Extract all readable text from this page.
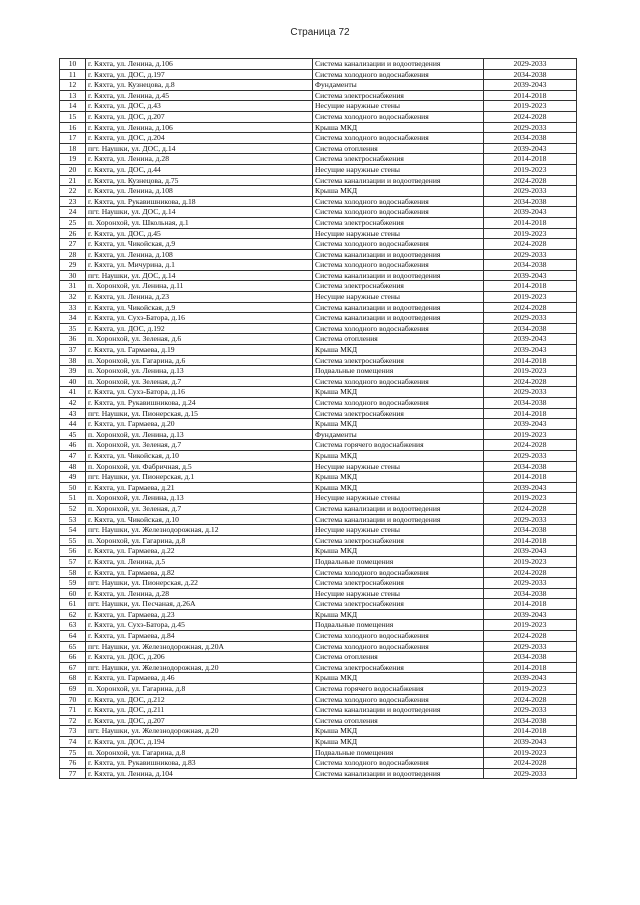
Страница 72
10	г. Кяхта, ул. Ленина, д.106	Система канализации и водоотведения	2029-2033
11	г. Кяхта, ул. ДОС, д.197	Система холодного водоснабжения	2034-2038
12	г. Кяхта, ул. Кузнецова, д.8	Фундаменты	2039-2043
13	г. Кяхта, ул. Ленина, д.45	Система электроснабжения	2014-2018
14	г. Кяхта, ул. ДОС, д.43	Несущие наружные стены	2019-2023
15	г. Кяхта, ул. ДОС, д.207	Система холодного водоснабжения	2024-2028
16	г. Кяхта, ул. Ленина, д.106	Крыша МКД	2029-2033
17	г. Кяхта, ул. ДОС, д.204	Система холодного водоснабжения	2034-2038
18	пгт. Наушки, ул. ДОС, д.14	Система отопления	2039-2043
19	г. Кяхта, ул. Ленина, д.28	Система электроснабжения	2014-2018
20	г. Кяхта, ул. ДОС, д.44	Несущие наружные стены	2019-2023
21	г. Кяхта, ул. Кузнецова, д.75	Система канализации и водоотведения	2024-2028
22	г. Кяхта, ул. Ленина, д.108	Крыша МКД	2029-2033
23	г. Кяхта, ул. Рукавишникова, д.18	Система холодного водоснабжения	2034-2038
24	пгт. Наушки, ул. ДОС, д.14	Система холодного водоснабжения	2039-2043
25	п. Хоронхой, ул. Школьная, д.1	Система электроснабжения	2014-2018
26	г. Кяхта, ул. ДОС, д.45	Несущие наружные стены	2019-2023
27	г. Кяхта, ул. Чикойская, д.9	Система холодного водоснабжения	2024-2028
28	г. Кяхта, ул. Ленина, д.108	Система канализации и водоотведения	2029-2033
29	г. Кяхта, ул. Мичурина, д.1	Система холодного водоснабжения	2034-2038
30	пгт. Наушки, ул. ДОС, д.14	Система канализации и водоотведения	2039-2043
31	п. Хоронхой, ул. Ленина, д.11	Система электроснабжения	2014-2018
32	г. Кяхта, ул. Ленина, д.23	Несущие наружные стены	2019-2023
33	г. Кяхта, ул. Чикойская, д.9	Система канализации и водоотведения	2024-2028
34	г. Кяхта, ул. Сухэ-Батора, д.16	Система канализации и водоотведения	2029-2033
35	г. Кяхта, ул. ДОС, д.192	Система холодного водоснабжения	2034-2038
36	п. Хоронхой, ул. Зеленая, д.6	Система отопления	2039-2043
37	г. Кяхта, ул. Гармаева, д.19	Крыша МКД	2039-2043
38	п. Хоронхой, ул. Гагарина, д.6	Система электроснабжения	2014-2018
39	п. Хоронхой, ул. Ленина, д.13	Подвальные помещения	2019-2023
40	п. Хоронхой, ул. Зеленая, д.7	Система холодного водоснабжения	2024-2028
41	г. Кяхта, ул. Сухэ-Батора, д.16	Крыша МКД	2029-2033
42	г. Кяхта, ул. Рукавишникова, д.24	Система холодного водоснабжения	2034-2038
43	пгт. Наушки, ул. Пионерская, д.15	Система электроснабжения	2014-2018
44	г. Кяхта, ул. Гармаева, д.20	Крыша МКД	2039-2043
45	п. Хоронхой, ул. Ленина, д.13	Фундаменты	2019-2023
46	п. Хоронхой, ул. Зеленая, д.7	Система горячего водоснабжения	2024-2028
47	г. Кяхта, ул. Чикойская, д.10	Крыша МКД	2029-2033
48	п. Хоронхой, ул. Фабричная, д.5	Несущие наружные стены	2034-2038
49	пгт. Наушки, ул. Пионерская, д.1	Крыша МКД	2014-2018
50	г. Кяхта, ул. Гармаева, д.21	Крыша МКД	2039-2043
51	п. Хоронхой, ул. Ленина, д.13	Несущие наружные стены	2019-2023
52	п. Хоронхой, ул. Зеленая, д.7	Система канализации и водоотведения	2024-2028
53	г. Кяхта, ул. Чикойская, д.10	Система канализации и водоотведения	2029-2033
54	пгт. Наушки, ул. Железнодорожная, д.12	Несущие наружные стены	2034-2038
55	п. Хоронхой, ул. Гагарина, д.8	Система электроснабжения	2014-2018
56	г. Кяхта, ул. Гармаева, д.22	Крыша МКД	2039-2043
57	г. Кяхта, ул. Ленина, д.5	Подвальные помещения	2019-2023
58	г. Кяхта, ул. Гармаева, д.82	Система холодного водоснабжения	2024-2028
59	пгт. Наушки, ул. Пионерская, д.22	Система электроснабжения	2029-2033
60	г. Кяхта, ул. Ленина, д.28	Несущие наружные стены	2034-2038
61	пгт. Наушки, ул. Песчаная, д.26А	Система электроснабжения	2014-2018
62	г. Кяхта, ул. Гармаева, д.23	Крыша МКД	2039-2043
63	г. Кяхта, ул. Сухэ-Батора, д.45	Подвальные помещения	2019-2023
64	г. Кяхта, ул. Гармаева, д.84	Система холодного водоснабжения	2024-2028
65	пгт. Наушки, ул. Железнодорожная, д.20А	Система холодного водоснабжения	2029-2033
66	г. Кяхта, ул. ДОС, д.206	Система отопления	2034-2038
67	пгт. Наушки, ул. Железнодорожная, д.20	Система электроснабжения	2014-2018
68	г. Кяхта, ул. Гармаева, д.46	Крыша МКД	2039-2043
69	п. Хоронхой, ул. Гагарина, д.8	Система горячего водоснабжения	2019-2023
70	г. Кяхта, ул. ДОС, д.212	Система холодного водоснабжения	2024-2028
71	г. Кяхта, ул. ДОС, д.211	Система канализации и водоотведения	2029-2033
72	г. Кяхта, ул. ДОС, д.207	Система отопления	2034-2038
73	пгт. Наушки, ул. Железнодорожная, д.20	Крыша МКД	2014-2018
74	г. Кяхта, ул. ДОС, д.194	Крыша МКД	2039-2043
75	п. Хоронхой, ул. Гагарина, д.8	Подвальные помещения	2019-2023
76	г. Кяхта, ул. Рукавишникова, д.83	Система холодного водоснабжения	2024-2028
77	г. Кяхта, ул. Ленина, д.104	Система канализации и водоотведения	2029-2033
